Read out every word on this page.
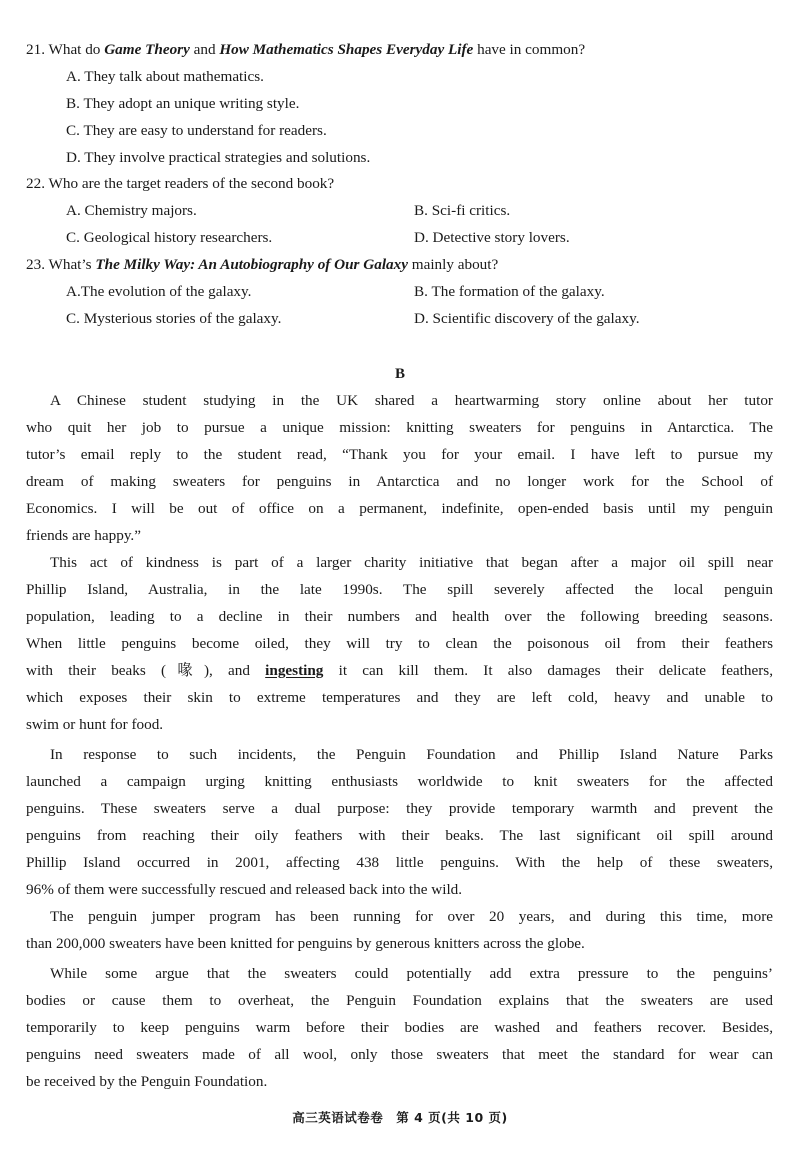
21. What do Game Theory and How Mathematics Shapes Everyday Life have in common?
A. They talk about mathematics.
B. They adopt an unique writing style.
C. They are easy to understand for readers.
D. They involve practical strategies and solutions.
22. Who are the target readers of the second book?
A. Chemistry majors.	B. Sci-fi critics.
C. Geological history researchers.	D. Detective story lovers.
23. What’s The Milky Way: An Autobiography of Our Galaxy mainly about?
A.The evolution of the galaxy.	B. The formation of the galaxy.
C. Mysterious stories of the galaxy.	D. Scientific discovery of the galaxy.
B
A Chinese student studying in the UK shared a heartwarming story online about her tutor
who quit her job to pursue a unique mission: knitting sweaters for penguins in Antarctica. The
tutor’s email reply to the student read, “Thank you for your email. I have left to pursue my
dream of making sweaters for penguins in Antarctica and no longer work for the School of
Economics. I will be out of office on a permanent, indefinite, open-ended basis until my penguin
friends are happy.”
This act of kindness is part of a larger charity initiative that began after a major oil spill near
Phillip Island, Australia, in the late 1990s. The spill severely affected the local penguin
population, leading to a decline in their numbers and health over the following breeding seasons.
When little penguins become oiled, they will try to clean the poisonous oil from their feathers
with their beaks (喙), and ingesting it can kill them. It also damages their delicate feathers,
which exposes their skin to extreme temperatures and they are left cold, heavy and unable to
swim or hunt for food.
In response to such incidents, the Penguin Foundation and Phillip Island Nature Parks
launched a campaign urging knitting enthusiasts worldwide to knit sweaters for the affected
penguins. These sweaters serve a dual purpose: they provide temporary warmth and prevent the
penguins from reaching their oily feathers with their beaks. The last significant oil spill around
Phillip Island occurred in 2001, affecting 438 little penguins. With the help of these sweaters,
96% of them were successfully rescued and released back into the wild.
The penguin jumper program has been running for over 20 years, and during this time, more
than 200,000 sweaters have been knitted for penguins by generous knitters across the globe.
While some argue that the sweaters could potentially add extra pressure to the penguins’
bodies or cause them to overheat, the Penguin Foundation explains that the sweaters are used
temporarily to keep penguins warm before their bodies are washed and feathers recover. Besides,
penguins need sweaters made of all wool, only those sweaters that meet the standard for wear can
be received by the Penguin Foundation.
高三英语试卷卷　第 4 页(共 10 页)
